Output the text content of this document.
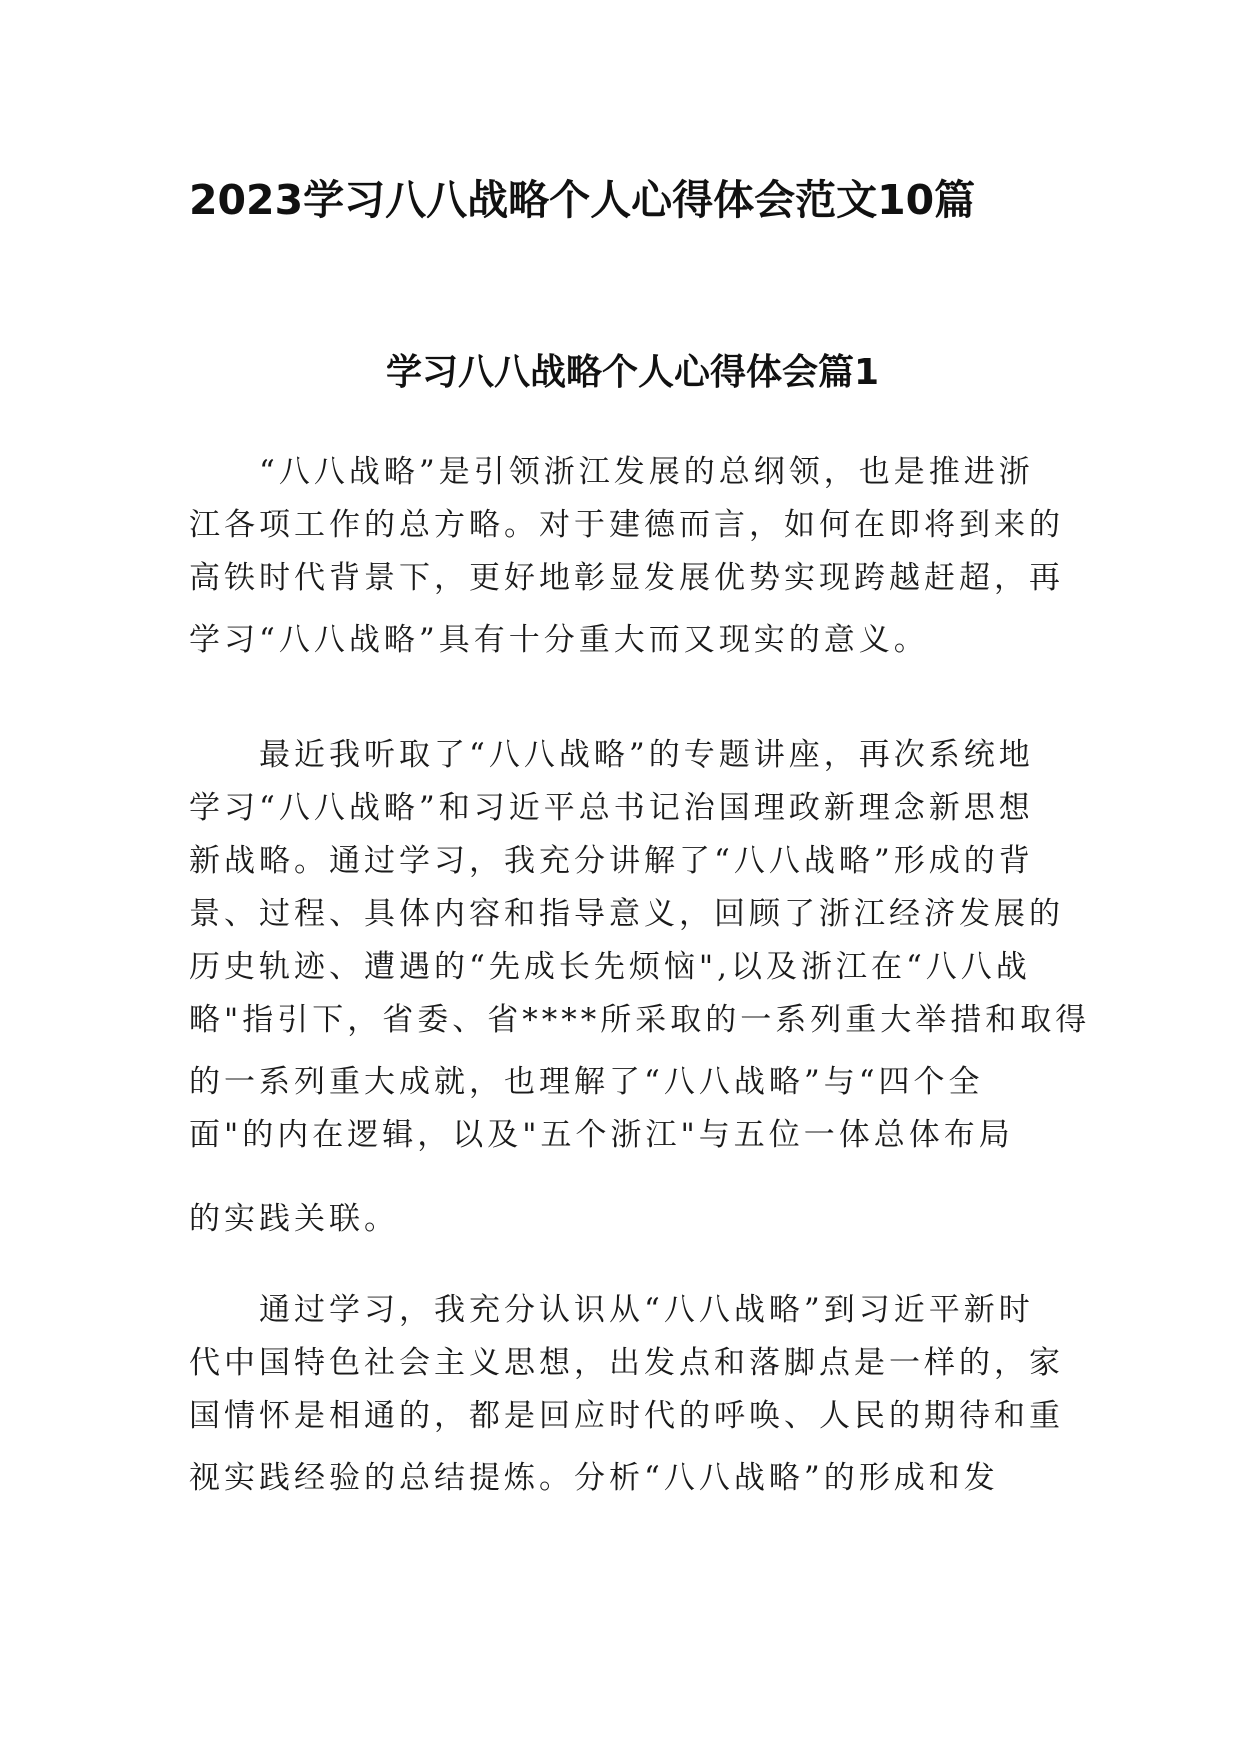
2023学习八八战略个人心得体会范文10篇
学习八八战略个人心得体会篇1
“八八战略”是引领浙江发展的总纲领，也是推进浙
江各项工作的总方略。对于建德而言，如何在即将到来的
高铁时代背景下，更好地彰显发展优势实现跨越赶超，再
学习“八八战略”具有十分重大而又现实的意义。
最近我听取了“八八战略”的专题讲座，再次系统地
学习“八八战略”和习近平总书记治国理政新理念新思想
新战略。通过学习，我充分讲解了“八八战略”形成的背
景、过程、具体内容和指导意义，回顾了浙江经济发展的
历史轨迹、遭遇的“先成长先烦恼",以及浙江在“八八战
略"指引下，省委、省****所采取的一系列重大举措和取得
的一系列重大成就，也理解了“八八战略”与“四个全
面"的内在逻辑，以及"五个浙江"与五位一体总体布局
的实践关联。
通过学习，我充分认识从“八八战略”到习近平新时
代中国特色社会主义思想，出发点和落脚点是一样的，家
国情怀是相通的，都是回应时代的呼唤、人民的期待和重
视实践经验的总结提炼。分析“八八战略”的形成和发
